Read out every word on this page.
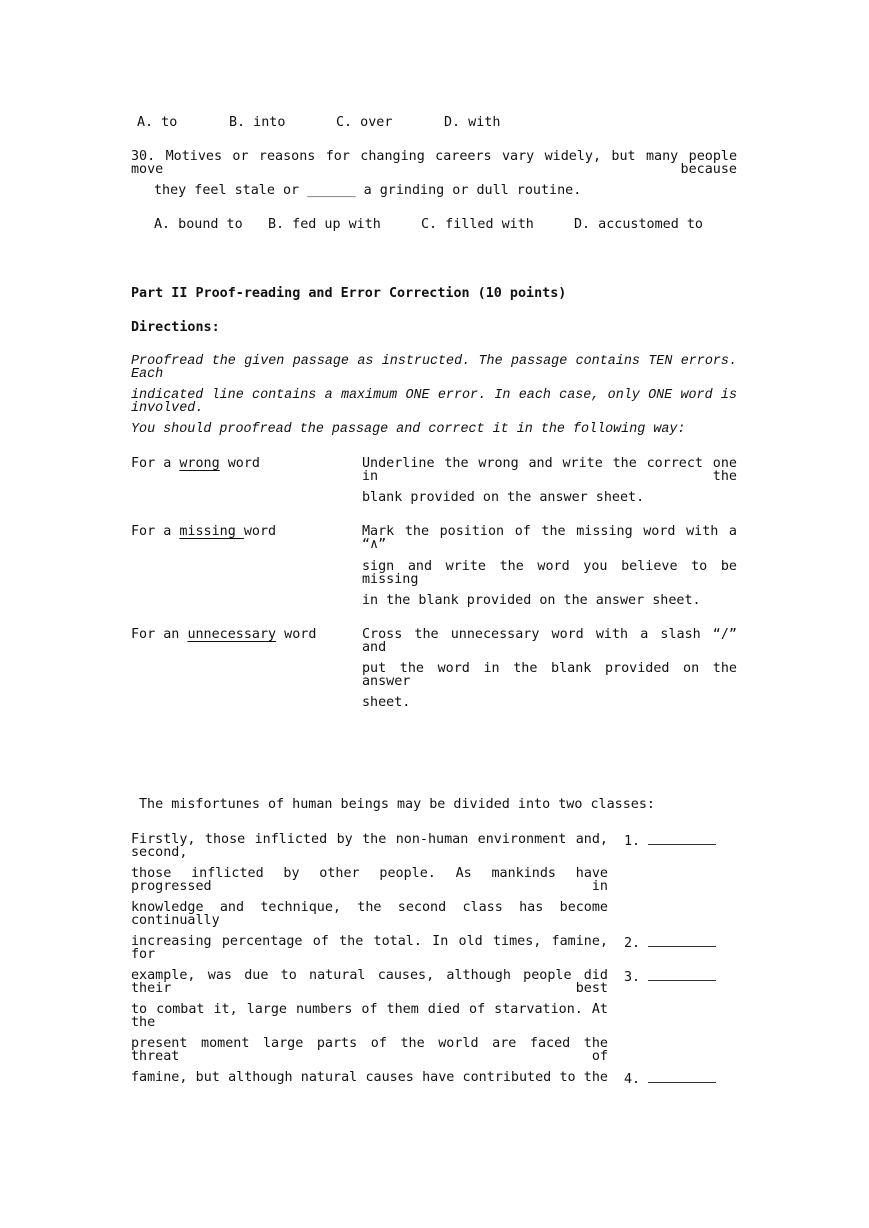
A. to	B. into	C. over	D. with
30. Motives or reasons for changing careers vary widely, but many people move because
they feel stale or ______ a grinding or dull routine.
A. bound to B. fed up with	C. filled with	D. accustomed to
Part II Proof-reading and Error Correction (10 points)
Directions:
Proofread the given passage as instructed. The passage contains TEN errors. Each
indicated line contains a maximum ONE error. In each case, only ONE word is involved.
You should proofread the passage and correct it in the following way:
For a wrong word	Underline the wrong and write the correct one in the
blank provided on the answer sheet.
For a missing word	Mark the position of the missing word with a “∧”
sign and write the word you believe to be missing
in the blank provided on the answer sheet.
For an unnecessary word	Cross the unnecessary word with a slash “/” and
put the word in the blank provided on the answer
sheet.
The misfortunes of human beings may be divided into two classes:
Firstly, those inflicted by the non-human environment and, second,
those inflicted by other people. As mankinds have progressed in
knowledge and technique, the second class has become continually
increasing percentage of the total. In old times, famine, for
example, was due to natural causes, although people did their best
to combat it, large numbers of them died of starvation. At the
present moment large parts of the world are faced the threat of
famine, but although natural causes have contributed to the
1.
2.
3.
4.
